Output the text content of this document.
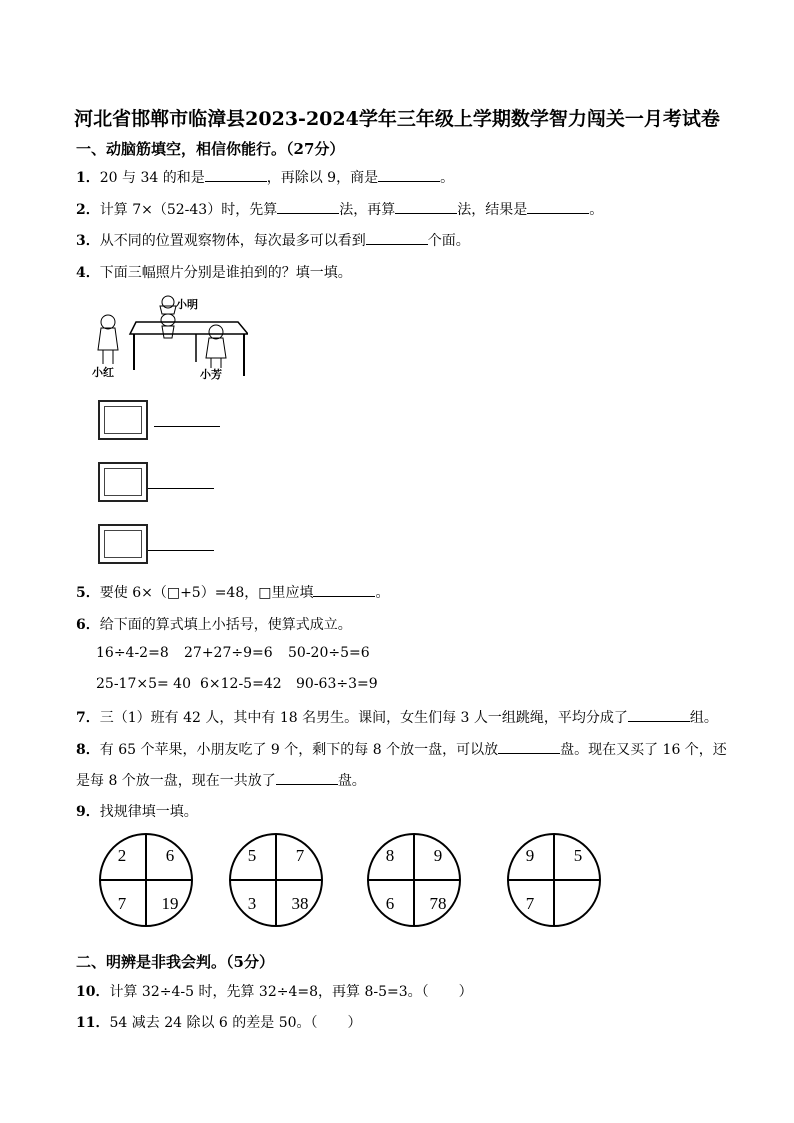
河北省邯郸市临漳县2023-2024学年三年级上学期数学智力闯关一月考试卷
一、动脑筋填空，相信你能行。（27分）
1．20 与 34 的和是	，再除以 9，商是	。
2．计算 7×（52-43）时，先算	法，再算	法，结果是	。
3．从不同的位置观察物体，每次最多可以看到	个面。
4．下面三幅照片分别是谁拍到的？填一填。
小明
小红	小芳
5．要使 6×（□+5）=48，□里应填	。
6．给下面的算式填上小括号，使算式成立。
16÷4-2=8 27+27÷9=6 50-20÷5=6
25-17×5= 40 6×12-5=42 90-63÷3=9
7．三（1）班有 42 人，其中有 18 名男生。课间，女生们每 3 人一组跳绳，平均分成了	组。
8．有 65 个苹果，小朋友吃了 9 个，剩下的每 8 个放一盘，可以放	盘。现在又买了 16 个，还
是每 8 个放一盘，现在一共放了	盘。
9．找规律填一填。
2	6
7	19
5	7
3	38
8	9
6	78
9	5
7
二、明辨是非我会判。（5分）
10．计算 32÷4-5 时，先算 32÷4=8，再算 8-5=3。（ ）
11．54 减去 24 除以 6 的差是 50。（ ）
